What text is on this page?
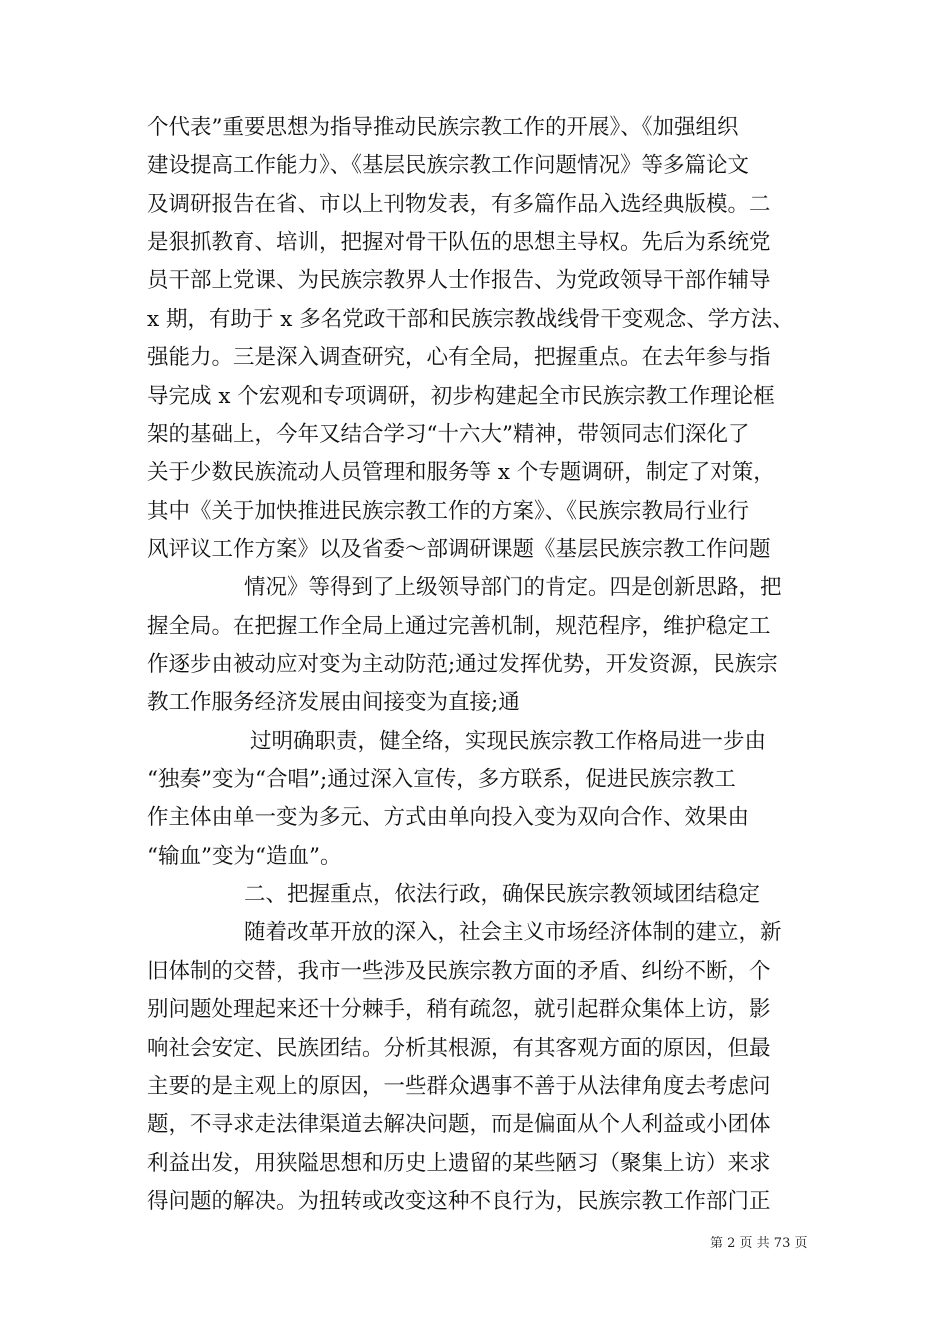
个代表”重要思想为指导推动民族宗教工作的开展》、《加强组织
建设提高工作能力》、《基层民族宗教工作问题情况》等多篇论文
及调研报告在省、市以上刊物发表，有多篇作品入选经典版模。二
是狠抓教育、培训，把握对骨干队伍的思想主导权。先后为系统党
员干部上党课、为民族宗教界人士作报告、为党政领导干部作辅导
x 期，有助于 x 多名党政干部和民族宗教战线骨干变观念、学方法、
强能力。三是深入调查研究，心有全局，把握重点。在去年参与指
导完成 x 个宏观和专项调研，初步构建起全市民族宗教工作理论框
架的基础上，今年又结合学习“十六大”精神，带领同志们深化了
关于少数民族流动人员管理和服务等 x 个专题调研，制定了对策，
其中《关于加快推进民族宗教工作的方案》、《民族宗教局行业行
风评议工作方案》以及省委～部调研课题《基层民族宗教工作问题
情况》等得到了上级领导部门的肯定。四是创新思路，把
握全局。在把握工作全局上通过完善机制，规范程序，维护稳定工
作逐步由被动应对变为主动防范;通过发挥优势，开发资源，民族宗
教工作服务经济发展由间接变为直接;通
过明确职责，健全络，实现民族宗教工作格局进一步由
“独奏”变为“合唱”;通过深入宣传，多方联系，促进民族宗教工
作主体由单一变为多元、方式由单向投入变为双向合作、效果由
“输血”变为“造血”。
二、把握重点，依法行政，确保民族宗教领域团结稳定
随着改革开放的深入，社会主义市场经济体制的建立，新
旧体制的交替，我市一些涉及民族宗教方面的矛盾、纠纷不断，个
别问题处理起来还十分棘手，稍有疏忽，就引起群众集体上访，影
响社会安定、民族团结。分析其根源，有其客观方面的原因，但最
主要的是主观上的原因，一些群众遇事不善于从法律角度去考虑问
题，不寻求走法律渠道去解决问题，而是偏面从个人利益或小团体
利益出发，用狭隘思想和历史上遗留的某些陋习（聚集上访）来求
得问题的解决。为扭转或改变这种不良行为，民族宗教工作部门正
第 2 页 共 73 页
